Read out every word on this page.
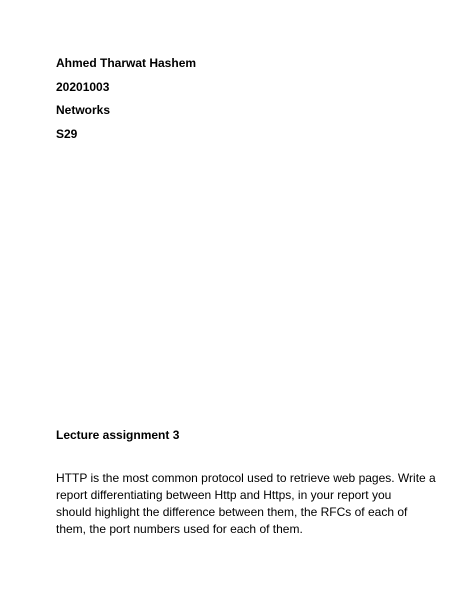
Ahmed Tharwat Hashem
20201003
Networks
S29
Lecture assignment 3
HTTP is the most common protocol used to retrieve web pages. Write a
report differentiating between Http and Https, in your report you
should highlight the difference between them, the RFCs of each of
them, the port numbers used for each of them.
